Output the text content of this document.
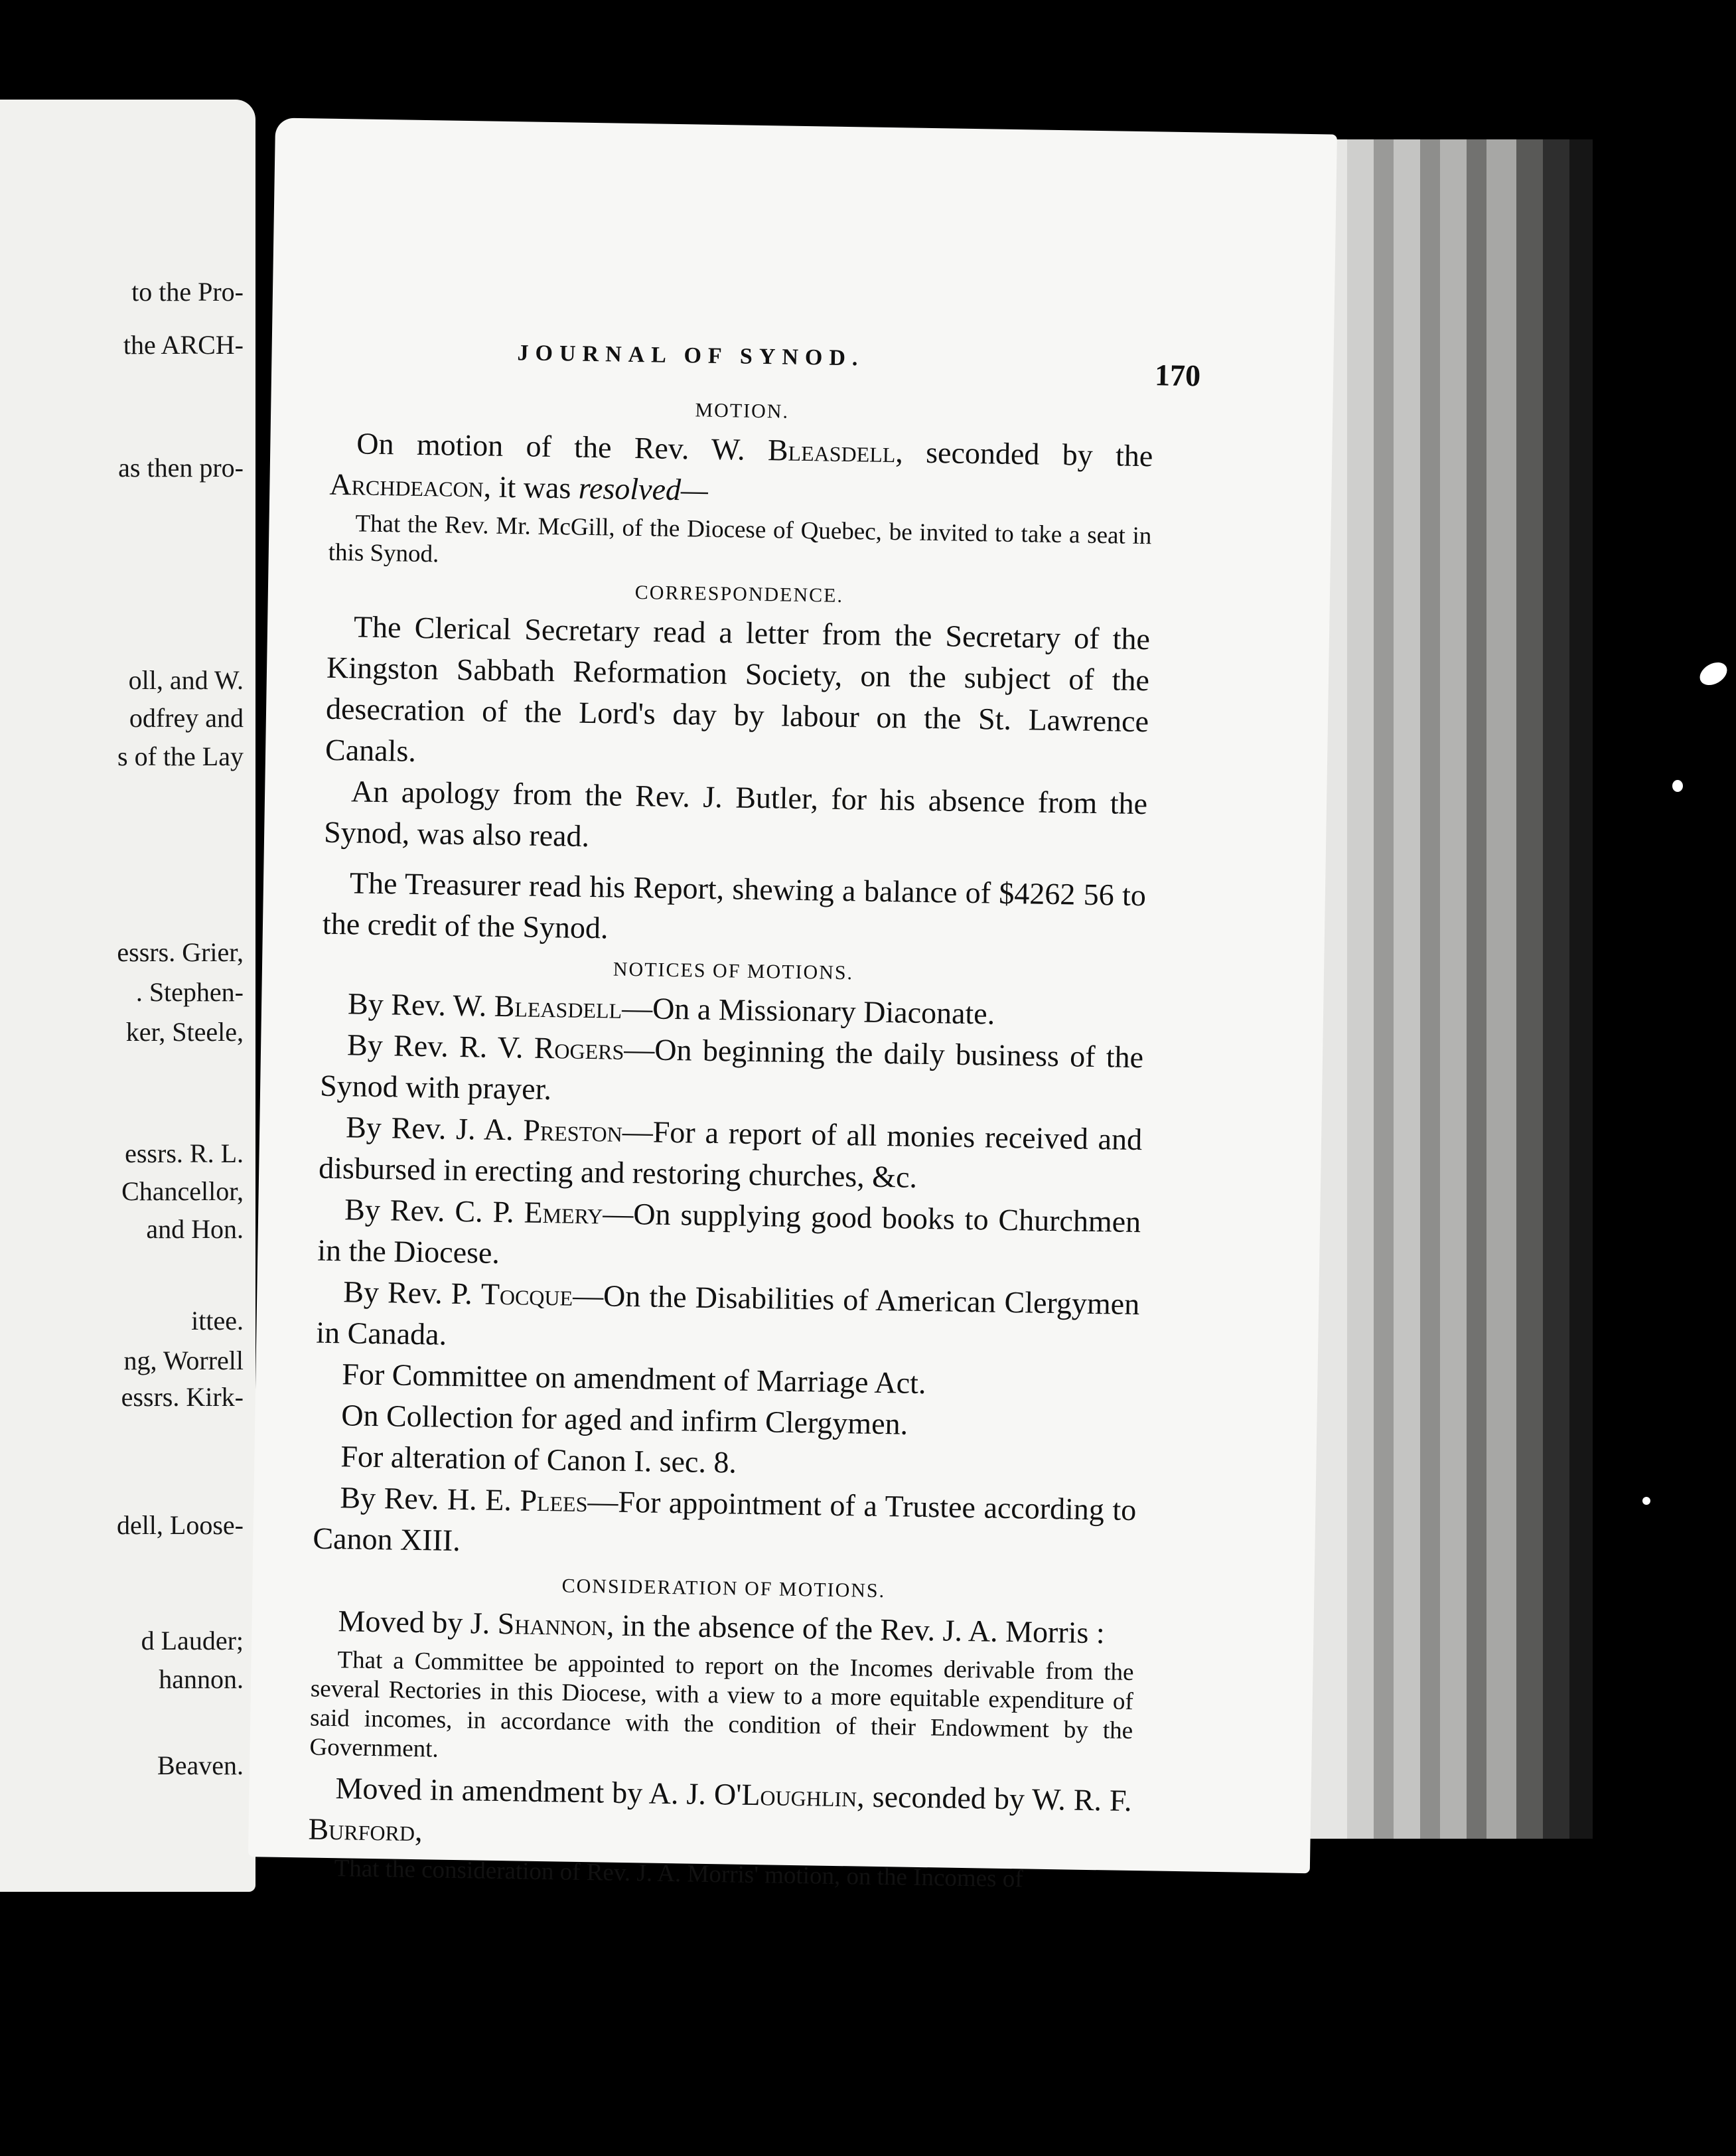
to the Pro-
the ARCH-
as then pro-
oll, and W.
odfrey and
s of the Lay
essrs. Grier,
. Stephen-
ker, Steele,
essrs. R. L.
Chancellor,
and Hon.
ittee.
ng, Worrell
essrs. Kirk-
dell, Loose-
d Lauder;
hannon.
Beaven.
JOURNAL OF SYNOD.
170
MOTION.

On motion of the Rev. W. Bleasdell, seconded by the Archdeacon, it was resolved—

That the Rev. Mr. McGill, of the Diocese of Quebec, be invited to take a seat in this Synod.

CORRESPONDENCE.

The Clerical Secretary read a letter from the Secretary of the Kingston Sabbath Reformation Society, on the subject of the desecration of the Lord's day by labour on the St. Lawrence Canals.

An apology from the Rev. J. Butler, for his absence from the Synod, was also read.

The Treasurer read his Report, shewing a balance of $4262 56 to the credit of the Synod.

NOTICES OF MOTIONS.

By Rev. W. Bleasdell—On a Missionary Diaconate.

By Rev. R. V. Rogers—On beginning the daily business of the Synod with prayer.

By Rev. J. A. Preston—For a report of all monies received and disbursed in erecting and restoring churches, &c.

By Rev. C. P. Emery—On supplying good books to Churchmen in the Diocese.

By Rev. P. Tocque—On the Disabilities of American Clergymen in Canada.

For Committee on amendment of Marriage Act.

On Collection for aged and infirm Clergymen.

For alteration of Canon I. sec. 8.

By Rev. H. E. Plees—For appointment of a Trustee according to Canon XIII.

CONSIDERATION OF MOTIONS.

Moved by J. Shannon, in the absence of the Rev. J. A. Morris :

That a Committee be appointed to report on the Incomes derivable from the several Rectories in this Diocese, with a view to a more equitable expenditure of said incomes, in accordance with the condition of their Endowment by the Government.

Moved in amendment by A. J. O'Loughlin, seconded by W. R. F. Burford,

That the consideration of Rev. J. A. Morris' motion, on the Incomes of
